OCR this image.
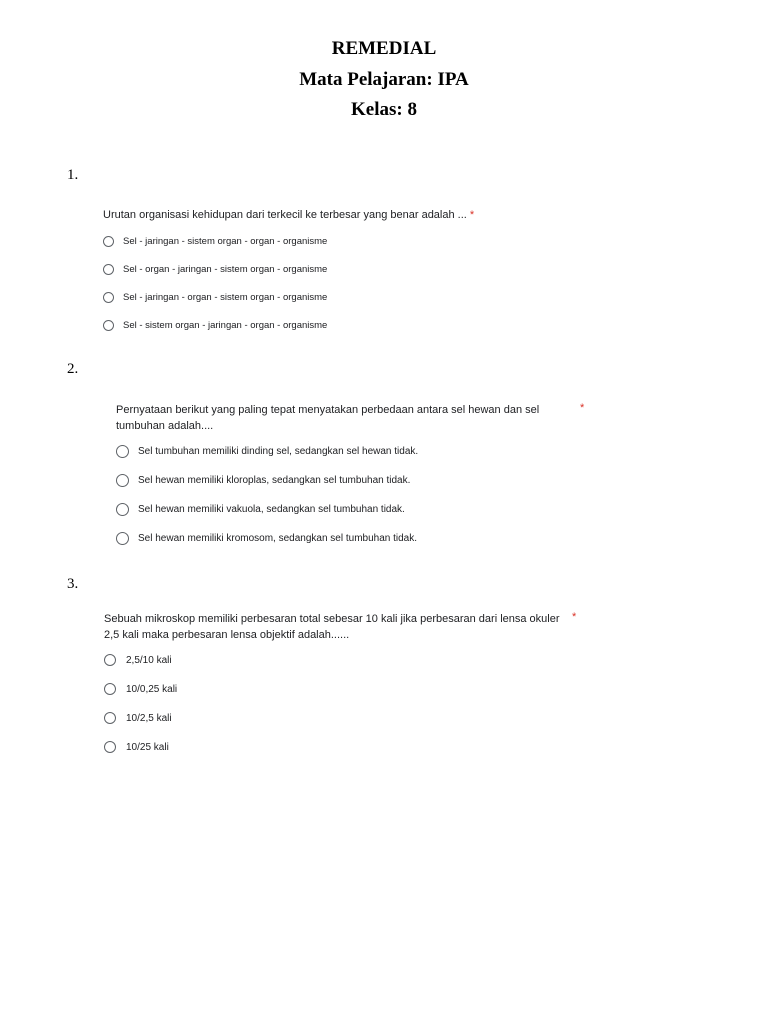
REMEDIAL
Mata Pelajaran: IPA
Kelas: 8
1.
Urutan organisasi kehidupan dari terkecil ke terbesar yang benar adalah ... *
Sel - jaringan - sistem organ - organ - organisme
Sel - organ - jaringan - sistem organ - organisme
Sel - jaringan - organ - sistem organ - organisme
Sel - sistem organ - jaringan - organ - organisme
2.
Pernyataan berikut yang paling tepat menyatakan perbedaan antara sel hewan dan sel
tumbuhan adalah....
*
Sel tumbuhan memiliki dinding sel, sedangkan sel hewan tidak.
Sel hewan memiliki kloroplas, sedangkan sel tumbuhan tidak.
Sel hewan memiliki vakuola, sedangkan sel tumbuhan tidak.
Sel hewan memiliki kromosom, sedangkan sel tumbuhan tidak.
3.
Sebuah mikroskop memiliki perbesaran total sebesar 10 kali jika perbesaran dari lensa okuler
2,5 kali maka perbesaran lensa objektif adalah......
*
2,5/10 kali
10/0,25 kali
10/2,5 kali
10/25 kali
